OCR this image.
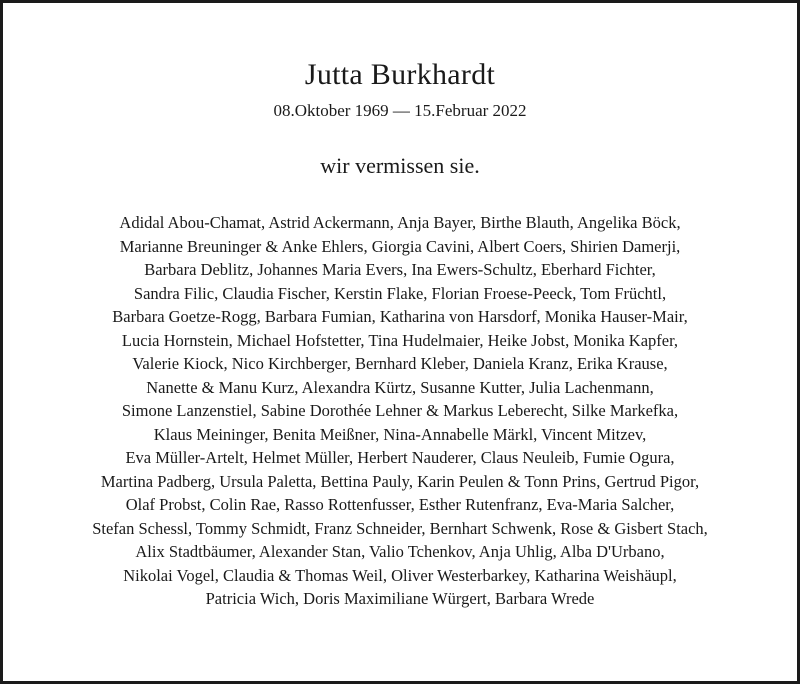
Jutta Burkhardt
08.Oktober 1969 — 15.Februar 2022
wir vermissen sie.
Adidal Abou-Chamat, Astrid Ackermann, Anja Bayer, Birthe Blauth, Angelika Böck,
Marianne Breuninger & Anke Ehlers, Giorgia Cavini, Albert Coers, Shirien Damerji,
Barbara Deblitz, Johannes Maria Evers, Ina Ewers-Schultz, Eberhard Fichter,
Sandra Filic, Claudia Fischer, Kerstin Flake, Florian Froese-Peeck, Tom Früchtl,
Barbara Goetze-Rogg, Barbara Fumian, Katharina von Harsdorf, Monika Hauser-Mair,
Lucia Hornstein, Michael Hofstetter, Tina Hudelmaier, Heike Jobst, Monika Kapfer,
Valerie Kiock, Nico Kirchberger, Bernhard Kleber, Daniela Kranz, Erika Krause,
Nanette & Manu Kurz, Alexandra Kürtz, Susanne Kutter, Julia Lachenmann,
Simone Lanzenstiel, Sabine Dorothée Lehner & Markus Leberecht, Silke Markefka,
Klaus Meininger, Benita Meißner, Nina-Annabelle Märkl, Vincent Mitzev,
Eva Müller-Artelt, Helmet Müller, Herbert Nauderer, Claus Neuleib, Fumie Ogura,
Martina Padberg, Ursula Paletta, Bettina Pauly, Karin Peulen & Tonn Prins, Gertrud Pigor,
Olaf Probst, Colin Rae, Rasso Rottenfusser, Esther Rutenfranz, Eva-Maria Salcher,
Stefan Schessl, Tommy Schmidt, Franz Schneider, Bernhart Schwenk, Rose & Gisbert Stach,
Alix Stadtbäumer, Alexander Stan, Valio Tchenkov, Anja Uhlig, Alba D'Urbano,
Nikolai Vogel, Claudia & Thomas Weil, Oliver Westerbarkey, Katharina Weishäupl,
Patricia Wich, Doris Maximiliane Würgert, Barbara Wrede
